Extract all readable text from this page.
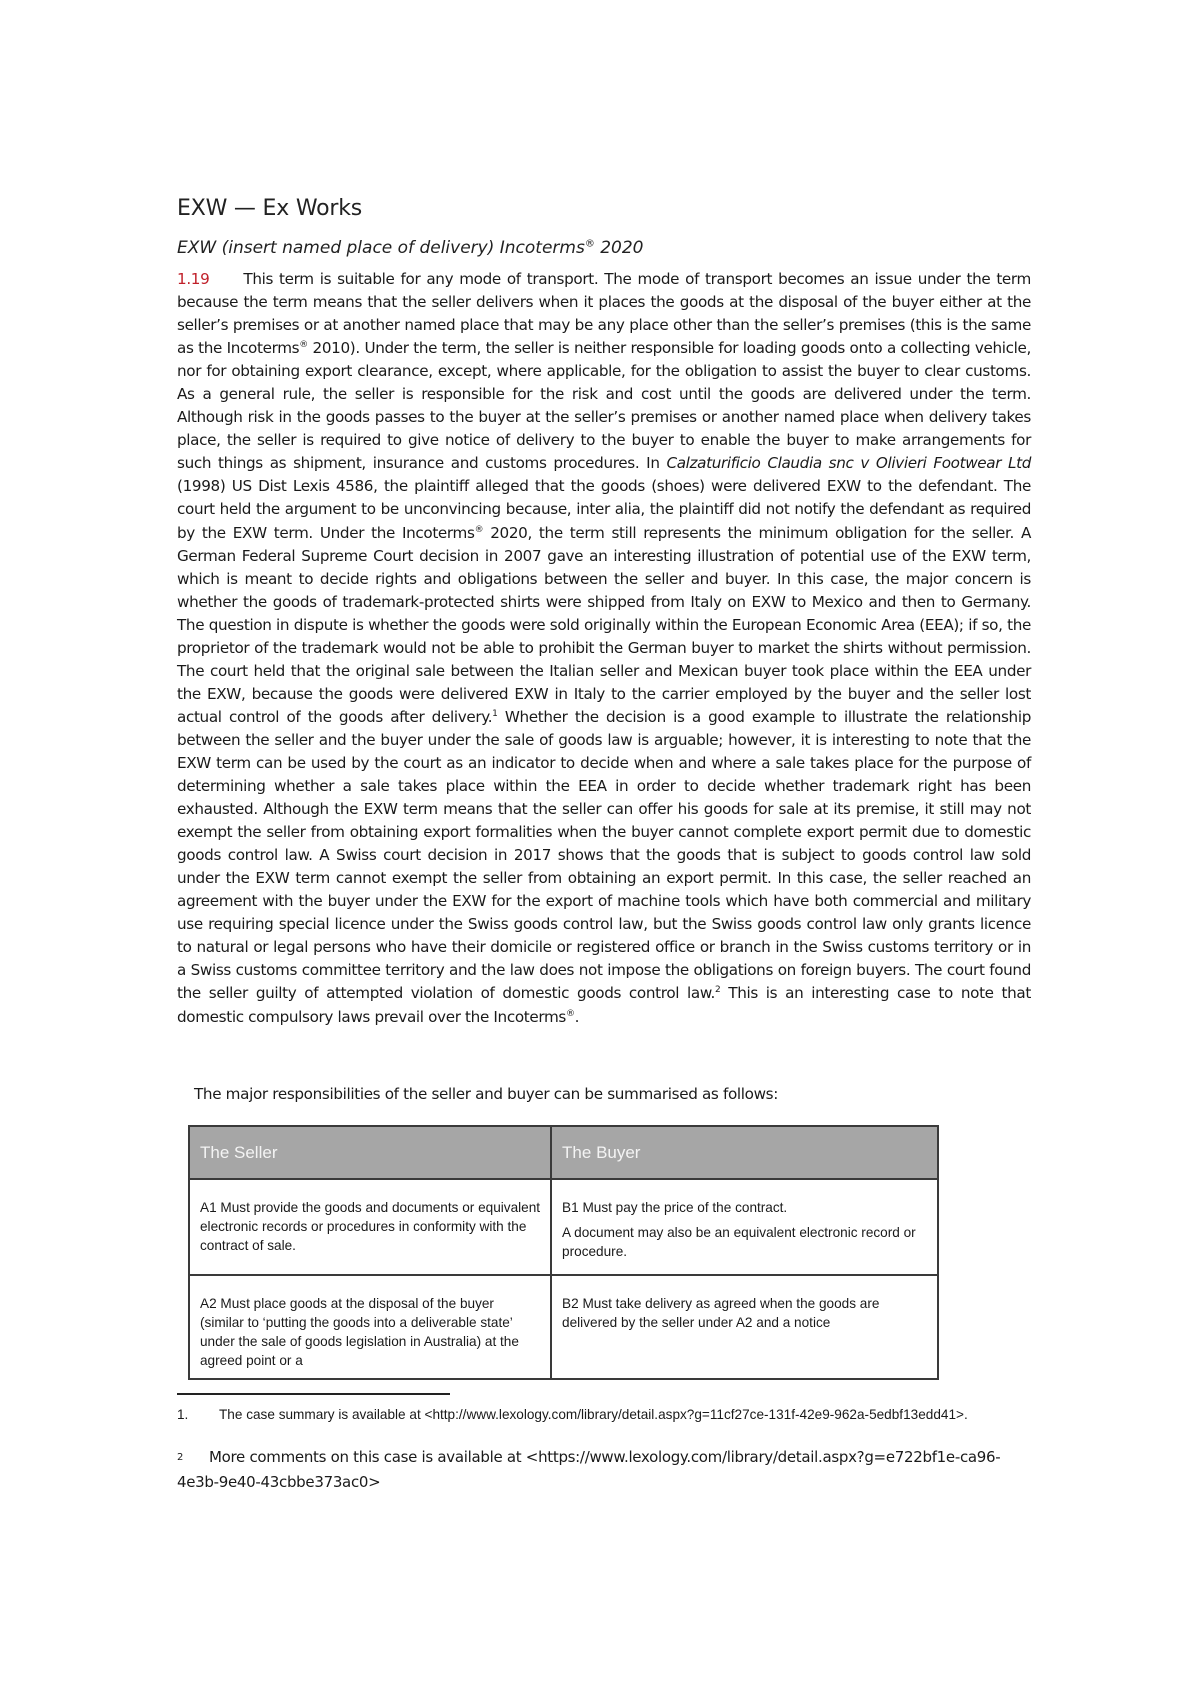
EXW — Ex Works
EXW (insert named place of delivery) Incoterms® 2020
1.19 This term is suitable for any mode of transport. The mode of transport becomes an issue under the term because the term means that the seller delivers when it places the goods at the disposal of the buyer either at the seller’s premises or at another named place that may be any place other than the seller’s premises (this is the same as the Incoterms® 2010). Under the term, the seller is neither responsible for loading goods onto a collecting vehicle, nor for obtaining export clearance, except, where applicable, for the obligation to assist the buyer to clear customs. As a general rule, the seller is responsible for the risk and cost until the goods are delivered under the term. Although risk in the goods passes to the buyer at the seller’s premises or another named place when delivery takes place, the seller is required to give notice of delivery to the buyer to enable the buyer to make arrangements for such things as shipment, insurance and customs procedures. In Calzaturificio Claudia snc v Olivieri Footwear Ltd (1998) US Dist Lexis 4586, the plaintiff alleged that the goods (shoes) were delivered EXW to the defendant. The court held the argument to be unconvincing because, inter alia, the plaintiff did not notify the defendant as required by the EXW term. Under the Incoterms® 2020, the term still represents the minimum obligation for the seller. A German Federal Supreme Court decision in 2007 gave an interesting illustration of potential use of the EXW term, which is meant to decide rights and obligations between the seller and buyer. In this case, the major concern is whether the goods of trademark-protected shirts were shipped from Italy on EXW to Mexico and then to Germany. The question in dispute is whether the goods were sold originally within the European Economic Area (EEA); if so, the proprietor of the trademark would not be able to prohibit the German buyer to market the shirts without permission. The court held that the original sale between the Italian seller and Mexican buyer took place within the EEA under the EXW, because the goods were delivered EXW in Italy to the carrier employed by the buyer and the seller lost actual control of the goods after delivery.$^1$ Whether the decision is a good example to illustrate the relationship between the seller and the buyer under the sale of goods law is arguable; however, it is interesting to note that the EXW term can be used by the court as an indicator to decide when and where a sale takes place for the purpose of determining whether a sale takes place within the EEA in order to decide whether trademark right has been exhausted. Although the EXW term means that the seller can offer his goods for sale at its premise, it still may not exempt the seller from obtaining export formalities when the buyer cannot complete export permit due to domestic goods control law. A Swiss court decision in 2017 shows that the goods that is subject to goods control law sold under the EXW term cannot exempt the seller from obtaining an export permit. In this case, the seller reached an agreement with the buyer under the EXW for the export of machine tools which have both commercial and military use requiring special licence under the Swiss goods control law, but the Swiss goods control law only grants licence to natural or legal persons who have their domicile or registered office or branch in the Swiss customs territory or in a Swiss customs committee territory and the law does not impose the obligations on foreign buyers. The court found the seller guilty of attempted violation of domestic goods control law.$^2$ This is an interesting case to note that domestic compulsory laws prevail over the Incoterms®.
The major responsibilities of the seller and buyer can be summarised as follows:
The Seller	The Buyer

A1 Must provide the goods and documents or equivalent electronic records or procedures in conformity with the contract of sale.	B1 Must pay the price of the contract.

A document may also be an equivalent electronic record or procedure.

A2 Must place goods at the disposal of the buyer (similar to ‘putting the goods into a deliverable state’ under the sale of goods legislation in Australia) at the agreed point or a	B2 Must take delivery as agreed when the goods are delivered by the seller under A2 and a notice

1. The case summary is available at <http://www.lexology.com/library/detail.aspx?g=11cf27ce-131f-42e9-962a-5edbf13edd41>.
2 More comments on this case is available at <https://www.lexology.com/library/detail.aspx?g=e722bf1e-ca96-4e3b-9e40-43cbbe373ac0>
